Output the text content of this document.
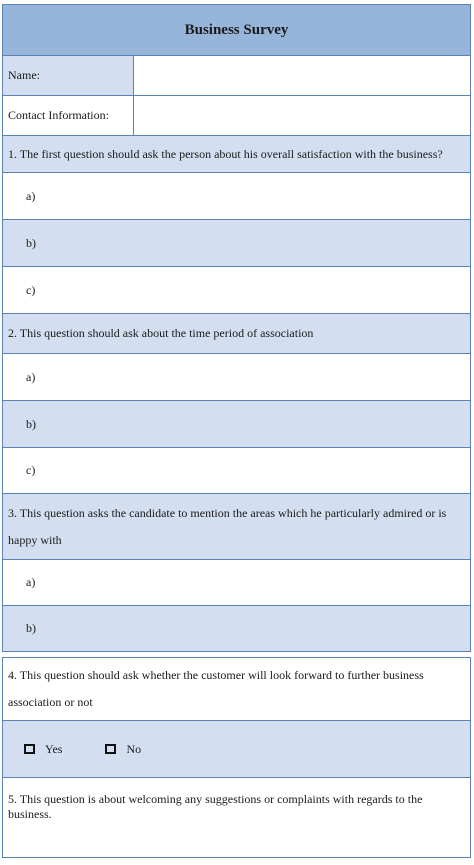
Business Survey
Name:
Contact Information:
1. The first question should ask the person about his overall satisfaction with the business?
a)
b)
c)
2. This question should ask about the time period of association
a)
b)
c)
3. This question asks the candidate to mention the areas which he particularly admired or is happy with
a)
b)
4. This question should ask whether the customer will look forward to further business association or not
Yes	No
5. This question is about welcoming any suggestions or complaints with regards to the business.
